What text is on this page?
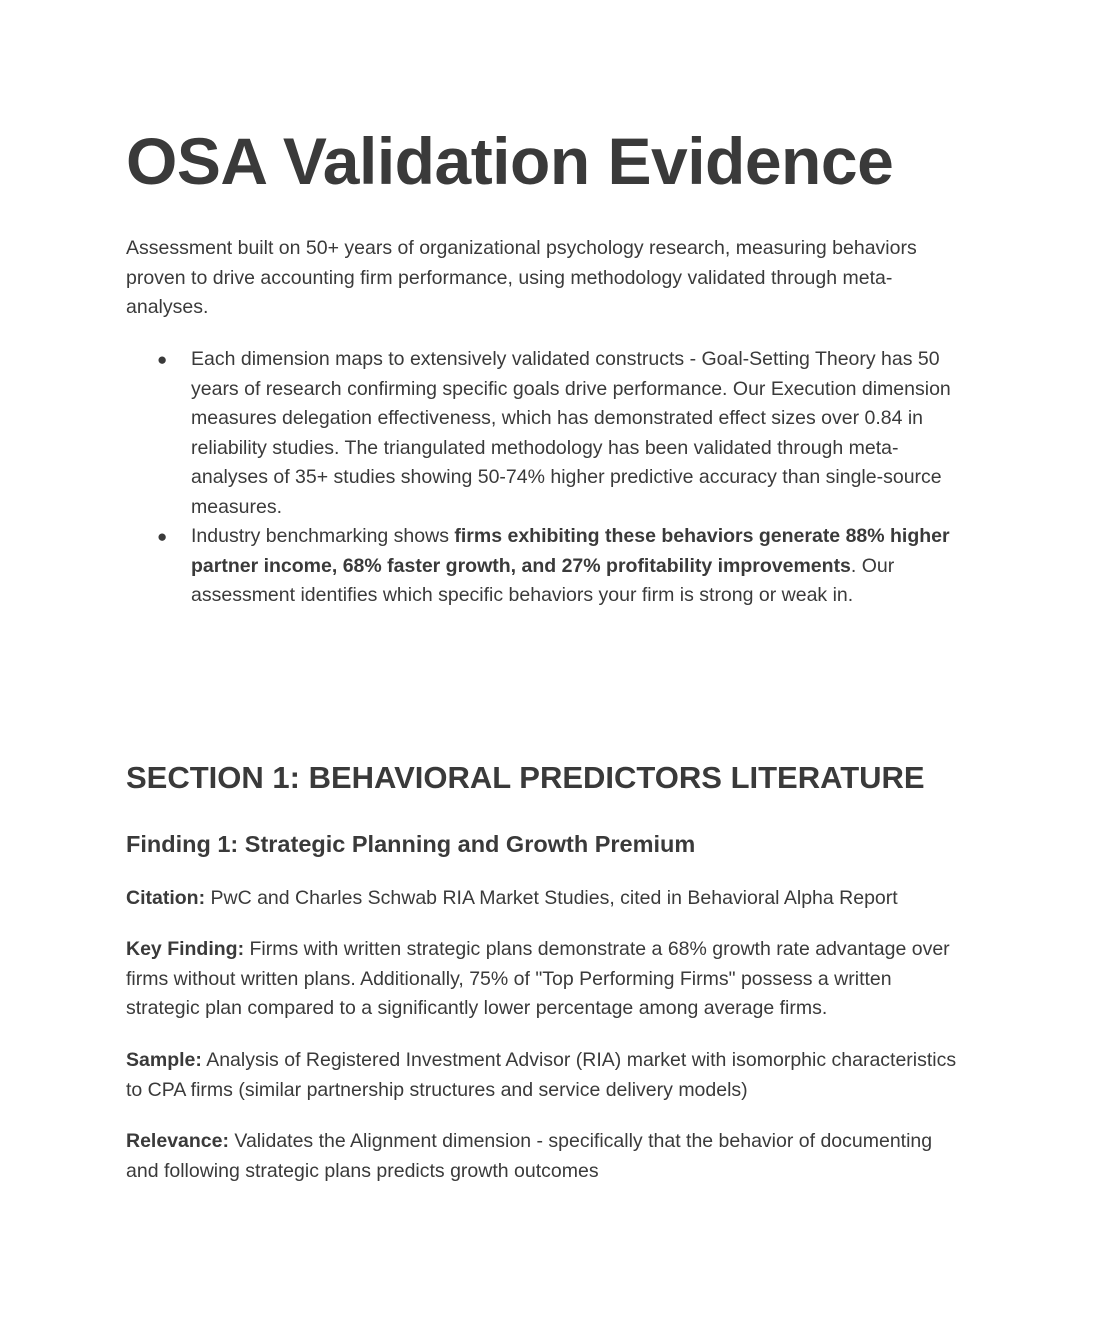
OSA Validation Evidence

Assessment built on 50+ years of organizational psychology research, measuring behaviors proven to drive accounting firm performance, using methodology validated through meta-analyses.

● Each dimension maps to extensively validated constructs - Goal-Setting Theory has 50 years of research confirming specific goals drive performance. Our Execution dimension measures delegation effectiveness, which has demonstrated effect sizes over 0.84 in reliability studies. The triangulated methodology has been validated through meta-analyses of 35+ studies showing 50-74% higher predictive accuracy than single-source measures.
● Industry benchmarking shows firms exhibiting these behaviors generate 88% higher partner income, 68% faster growth, and 27% profitability improvements. Our assessment identifies which specific behaviors your firm is strong or weak in.
SECTION 1: BEHAVIORAL PREDICTORS LITERATURE
Finding 1: Strategic Planning and Growth Premium

Citation: PwC and Charles Schwab RIA Market Studies, cited in Behavioral Alpha Report

Key Finding: Firms with written strategic plans demonstrate a 68% growth rate advantage over firms without written plans. Additionally, 75% of "Top Performing Firms" possess a written strategic plan compared to a significantly lower percentage among average firms.

Sample: Analysis of Registered Investment Advisor (RIA) market with isomorphic characteristics to CPA firms (similar partnership structures and service delivery models)

Relevance: Validates the Alignment dimension - specifically that the behavior of documenting and following strategic plans predicts growth outcomes
